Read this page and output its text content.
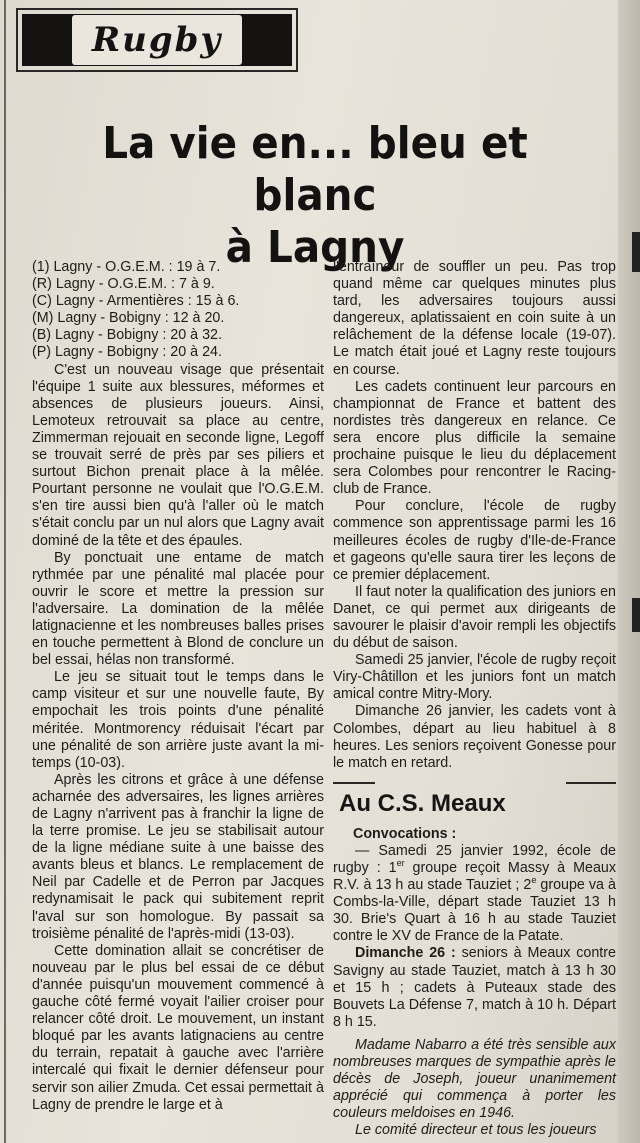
Rugby
La vie en... bleu et blanc
à Lagny

(1) Lagny - O.G.E.M. : 19 à 7.

(R) Lagny - O.G.E.M. : 7 à 9.

(C) Lagny - Armentières : 15 à 6.

(M) Lagny - Bobigny : 12 à 20.

(B) Lagny - Bobigny : 20 à 32.

(P) Lagny - Bobigny : 20 à 24.

C'est un nouveau visage que présentait l'équipe 1 suite aux blessures, méformes et absences de plusieurs joueurs. Ainsi, Lemoteux retrouvait sa place au centre, Zimmerman rejouait en seconde ligne, Legoff se trouvait serré de près par ses piliers et surtout Bichon prenait place à la mêlée. Pourtant personne ne voulait que l'O.G.E.M. s'en tire aussi bien qu'à l'aller où le match s'était conclu par un nul alors que Lagny avait dominé de la tête et des épaules.

By ponctuait une entame de match rythmée par une pénalité mal placée pour ouvrir le score et mettre la pression sur l'adversaire. La domination de la mêlée latignacienne et les nombreuses balles prises en touche permettent à Blond de conclure un bel essai, hélas non transformé.

Le jeu se situait tout le temps dans le camp visiteur et sur une nouvelle faute, By empochait les trois points d'une pénalité méritée. Montmorency réduisait l'écart par une pénalité de son arrière juste avant la mi-temps (10-03).

Après les citrons et grâce à une défense acharnée des adversaires, les lignes arrières de Lagny n'arrivent pas à franchir la ligne de la terre promise. Le jeu se stabilisait autour de la ligne médiane suite à une baisse des avants bleus et blancs. Le remplacement de Neil par Cadelle et de Perron par Jacques redynamisait le pack qui subitement reprit l'aval sur son homologue. By passait sa troisième pénalité de l'après-midi (13-03).

Cette domination allait se concrétiser de nouveau par le plus bel essai de ce début d'année puisqu'un mouvement commencé à gauche côté fermé voyait l'ailier croiser pour relancer côté droit. Le mouvement, un instant bloqué par les avants latignaciens au centre du terrain, repatait à gauche avec l'arrière intercalé qui fixait le dernier défenseur pour servir son ailier Zmuda. Cet essai permettait à Lagny de prendre le large et à

l'entraîneur de souffler un peu. Pas trop quand même car quelques minutes plus tard, les adversaires toujours aussi dangereux, aplatissaient en coin suite à un relâchement de la défense locale (19-07). Le match était joué et Lagny reste toujours en course.

Les cadets continuent leur parcours en championnat de France et battent des nordistes très dangereux en relance. Ce sera encore plus difficile la semaine prochaine puisque le lieu du déplacement sera Colombes pour rencontrer le Racing-club de France.

Pour conclure, l'école de rugby commence son apprentissage parmi les 16 meilleures écoles de rugby d'Ile-de-France et gageons qu'elle saura tirer les leçons de ce premier déplacement.

Il faut noter la qualification des juniors en Danet, ce qui permet aux dirigeants de savourer le plaisir d'avoir rempli les objectifs du début de saison.

Samedi 25 janvier, l'école de rugby reçoit Viry-Châtillon et les juniors font un match amical contre Mitry-Mory.

Dimanche 26 janvier, les cadets vont à Colombes, départ au lieu habituel à 8 heures. Les seniors reçoivent Gonesse pour le match en retard.

Au C.S. Meaux

Convocations :

— Samedi 25 janvier 1992, école de rugby : 1er groupe reçoit Massy à Meaux R.V. à 13 h au stade Tauziet ; 2e groupe va à Combs-la-Ville, départ stade Tauziet 13 h 30. Brie's Quart à 16 h au stade Tauziet contre le XV de France de la Patate.

Dimanche 26 : seniors à Meaux contre Savigny au stade Tauziet, match à 13 h 30 et 15 h ; cadets à Puteaux stade des Bouvets La Défense 7, match à 10 h. Départ 8 h 15.

Madame Nabarro a été très sensible aux nombreuses marques de sympathie après le décès de Joseph, joueur unanimement apprécié qui commença à porter les couleurs meldoises en 1946.

Le comité directeur et tous les joueurs
